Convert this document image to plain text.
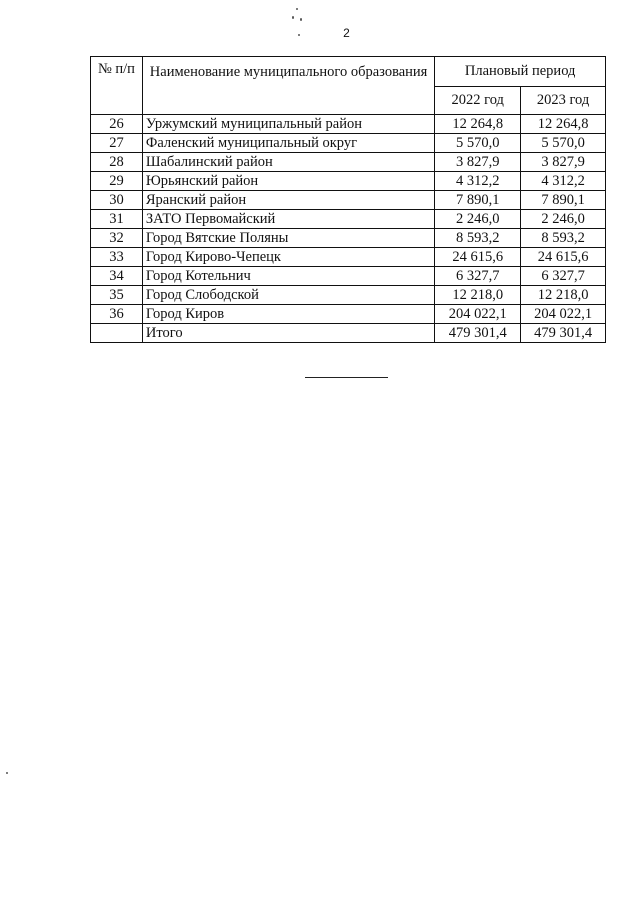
2
№ п/п	Наименование муниципального образования	Плановый период	
		2022 год	2023 год
26	Уржумский муниципальный район	12 264,8	12 264,8
27	Фаленский муниципальный округ	5 570,0	5 570,0
28	Шабалинский район	3 827,9	3 827,9
29	Юрьянский район	4 312,2	4 312,2
30	Яранский район	7 890,1	7 890,1
31	ЗАТО Первомайский	2 246,0	2 246,0
32	Город Вятские Поляны	8 593,2	8 593,2
33	Город Кирово-Чепецк	24 615,6	24 615,6
34	Город Котельнич	6 327,7	6 327,7
35	Город Слободской	12 218,0	12 218,0
36	Город Киров	204 022,1	204 022,1
	Итого	479 301,4	479 301,4
